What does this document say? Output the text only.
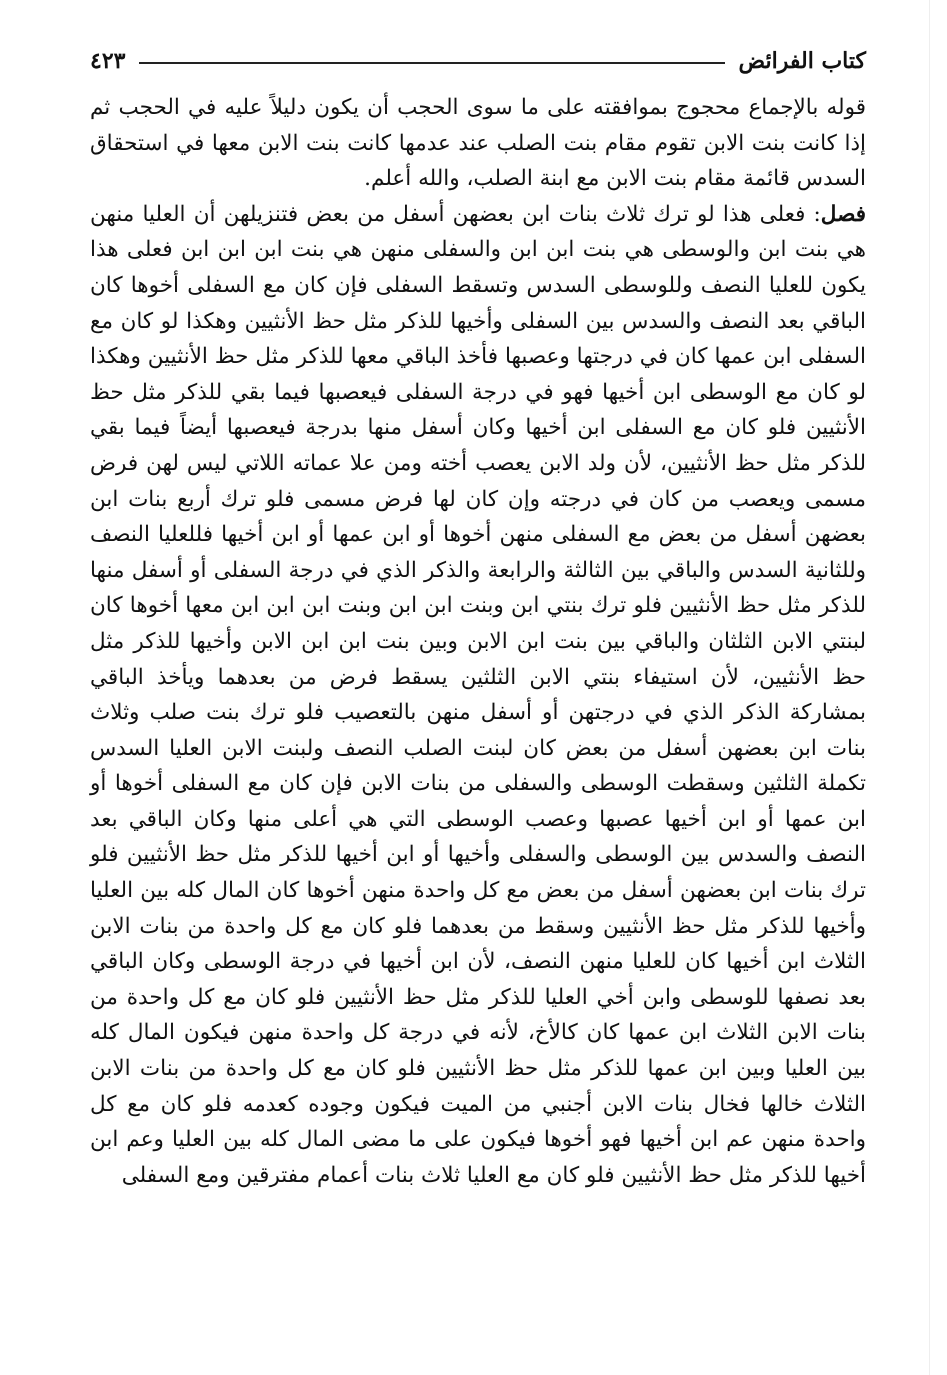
كتاب الفرائض
٤٢٣

قوله بالإجماع محجوج بموافقته على ما سوى الحجب أن يكون دليلاً عليه في الحجب ثم إذا كانت بنت الابن تقوم مقام بنت الصلب عند عدمها كانت بنت الابن معها في استحقاق السدس قائمة مقام بنت الابن مع ابنة الصلب، والله أعلم.

فصل: فعلى هذا لو ترك ثلاث بنات ابن بعضهن أسفل من بعض فتنزيلهن أن العليا منهن هي بنت ابن والوسطى هي بنت ابن ابن والسفلى منهن هي بنت ابن ابن ابن فعلى هذا يكون للعليا النصف وللوسطى السدس وتسقط السفلى فإن كان مع السفلى أخوها كان الباقي بعد النصف والسدس بين السفلى وأخيها للذكر مثل حظ الأنثيين وهكذا لو كان مع السفلى ابن عمها كان في درجتها وعصبها فأخذ الباقي معها للذكر مثل حظ الأنثيين وهكذا لو كان مع الوسطى ابن أخيها فهو في درجة السفلى فيعصبها فيما بقي للذكر مثل حظ الأنثيين فلو كان مع السفلى ابن أخيها وكان أسفل منها بدرجة فيعصبها أيضاً فيما بقي للذكر مثل حظ الأنثيين، لأن ولد الابن يعصب أخته ومن علا عماته اللاتي ليس لهن فرض مسمى ويعصب من كان في درجته وإن كان لها فرض مسمى فلو ترك أربع بنات ابن بعضهن أسفل من بعض مع السفلى منهن أخوها أو ابن عمها أو ابن أخيها فللعليا النصف وللثانية السدس والباقي بين الثالثة والرابعة والذكر الذي في درجة السفلى أو أسفل منها للذكر مثل حظ الأنثيين فلو ترك بنتي ابن وبنت ابن ابن وبنت ابن ابن ابن معها أخوها كان لبنتي الابن الثلثان والباقي بين بنت ابن الابن وبين بنت ابن ابن الابن وأخيها للذكر مثل حظ الأنثيين، لأن استيفاء بنتي الابن الثلثين يسقط فرض من بعدهما ويأخذ الباقي بمشاركة الذكر الذي في درجتهن أو أسفل منهن بالتعصيب فلو ترك بنت صلب وثلاث بنات ابن بعضهن أسفل من بعض كان لبنت الصلب النصف ولبنت الابن العليا السدس تكملة الثلثين وسقطت الوسطى والسفلى من بنات الابن فإن كان مع السفلى أخوها أو ابن عمها أو ابن أخيها عصبها وعصب الوسطى التي هي أعلى منها وكان الباقي بعد النصف والسدس بين الوسطى والسفلى وأخيها أو ابن أخيها للذكر مثل حظ الأنثيين فلو ترك بنات ابن بعضهن أسفل من بعض مع كل واحدة منهن أخوها كان المال كله بين العليا وأخيها للذكر مثل حظ الأنثيين وسقط من بعدهما فلو كان مع كل واحدة من بنات الابن الثلاث ابن أخيها كان للعليا منهن النصف، لأن ابن أخيها في درجة الوسطى وكان الباقي بعد نصفها للوسطى وابن أخي العليا للذكر مثل حظ الأنثيين فلو كان مع كل واحدة من بنات الابن الثلاث ابن عمها كان كالأخ، لأنه في درجة كل واحدة منهن فيكون المال كله بين العليا وبين ابن عمها للذكر مثل حظ الأنثيين فلو كان مع كل واحدة من بنات الابن الثلاث خالها فخال بنات الابن أجنبي من الميت فيكون وجوده كعدمه فلو كان مع كل واحدة منهن عم ابن أخيها فهو أخوها فيكون على ما مضى المال كله بين العليا وعم ابن أخيها للذكر مثل حظ الأنثيين فلو كان مع العليا ثلاث بنات أعمام مفترقين ومع السفلى
